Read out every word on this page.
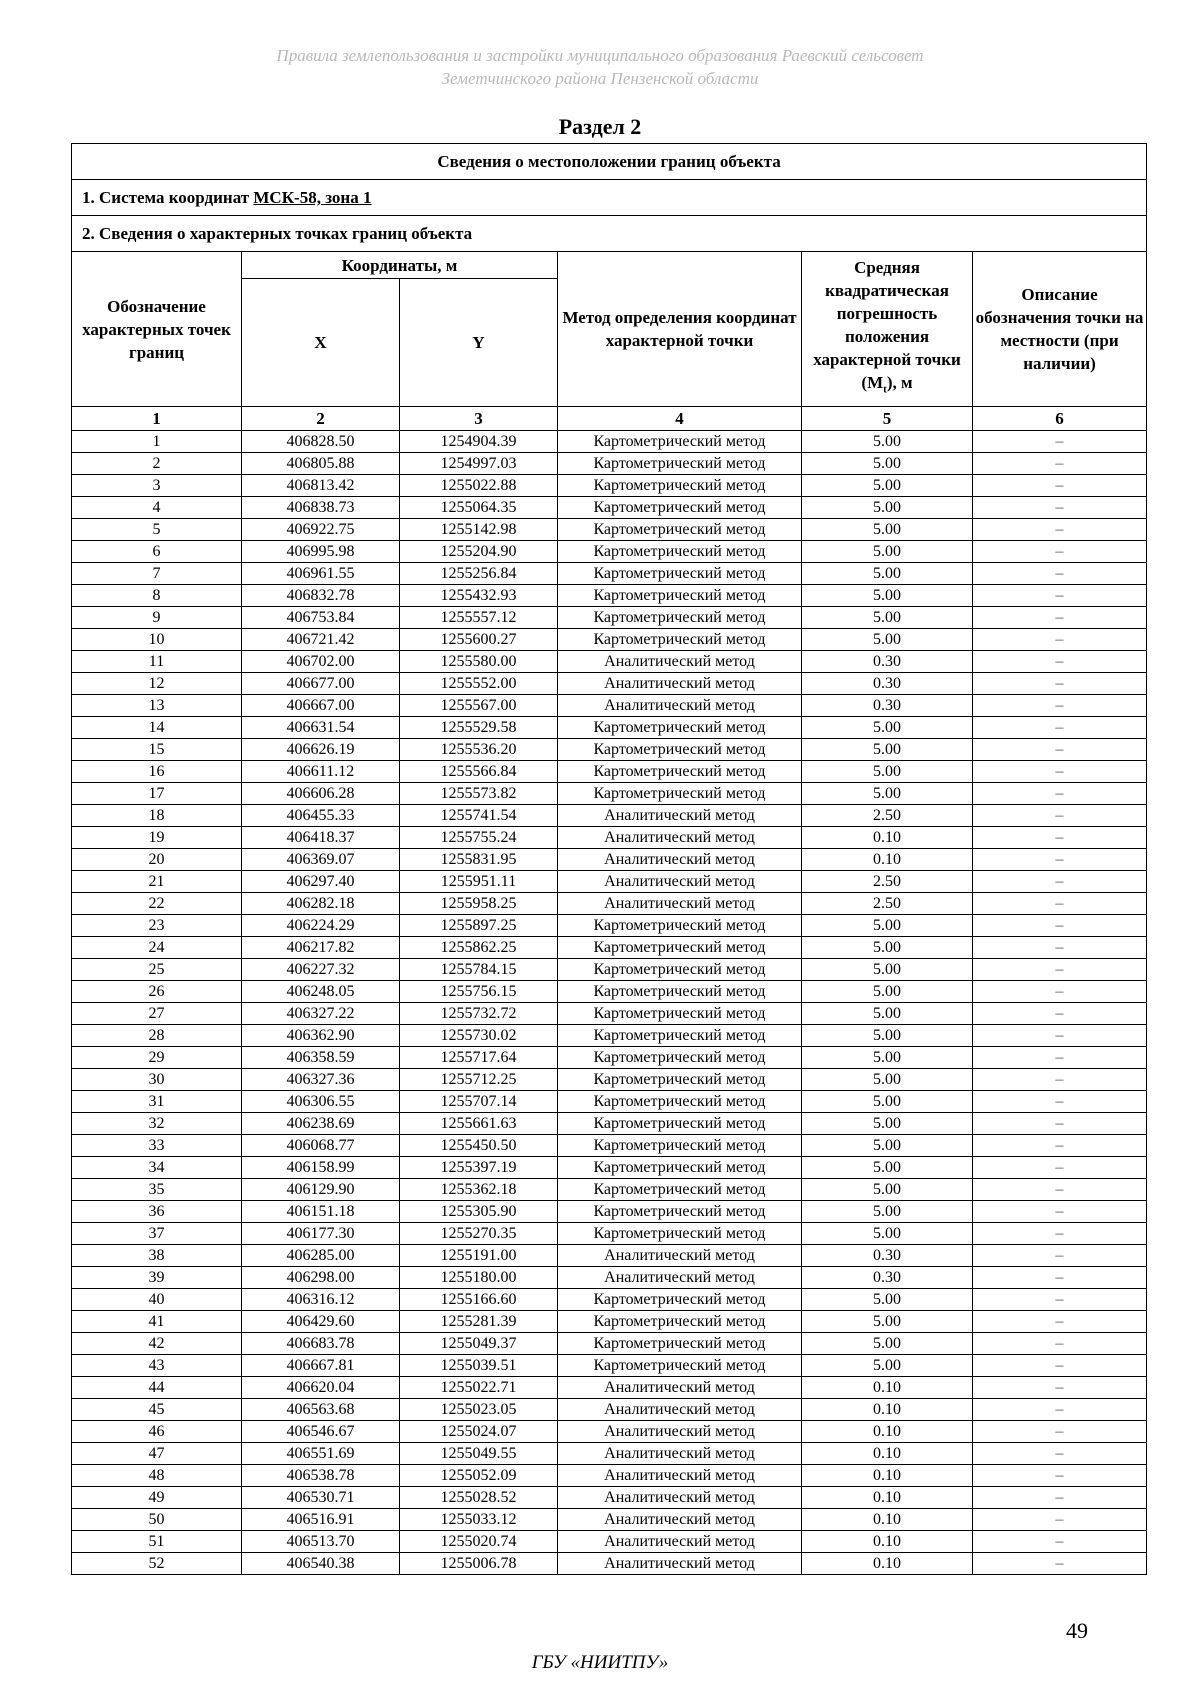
Правила землепользования и застройки муниципального образования Раевский сельсовет
Земетчинского района Пензенской области
Раздел 2
Сведения о местоположении границ объекта					
1. Система координат МСК-58, зона 1					
2. Сведения о характерных точках границ объекта					
Обозначение характерных точек границ	Координаты, м		Метод определения координат характерной точки	Средняя квадратическая погрешность положения характерной точки $(M_t)$, м	Описание обозначения точки на местности (при наличии)
	X	Y			
1	2	3	4	5	6
1	406828.50	1254904.39	Картометрический метод	5.00	–
2	406805.88	1254997.03	Картометрический метод	5.00	–
3	406813.42	1255022.88	Картометрический метод	5.00	–
4	406838.73	1255064.35	Картометрический метод	5.00	–
5	406922.75	1255142.98	Картометрический метод	5.00	–
6	406995.98	1255204.90	Картометрический метод	5.00	–
7	406961.55	1255256.84	Картометрический метод	5.00	–
8	406832.78	1255432.93	Картометрический метод	5.00	–
9	406753.84	1255557.12	Картометрический метод	5.00	–
10	406721.42	1255600.27	Картометрический метод	5.00	–
11	406702.00	1255580.00	Аналитический метод	0.30	–
12	406677.00	1255552.00	Аналитический метод	0.30	–
13	406667.00	1255567.00	Аналитический метод	0.30	–
14	406631.54	1255529.58	Картометрический метод	5.00	–
15	406626.19	1255536.20	Картометрический метод	5.00	–
16	406611.12	1255566.84	Картометрический метод	5.00	–
17	406606.28	1255573.82	Картометрический метод	5.00	–
18	406455.33	1255741.54	Аналитический метод	2.50	–
19	406418.37	1255755.24	Аналитический метод	0.10	–
20	406369.07	1255831.95	Аналитический метод	0.10	–
21	406297.40	1255951.11	Аналитический метод	2.50	–
22	406282.18	1255958.25	Аналитический метод	2.50	–
23	406224.29	1255897.25	Картометрический метод	5.00	–
24	406217.82	1255862.25	Картометрический метод	5.00	–
25	406227.32	1255784.15	Картометрический метод	5.00	–
26	406248.05	1255756.15	Картометрический метод	5.00	–
27	406327.22	1255732.72	Картометрический метод	5.00	–
28	406362.90	1255730.02	Картометрический метод	5.00	–
29	406358.59	1255717.64	Картометрический метод	5.00	–
30	406327.36	1255712.25	Картометрический метод	5.00	–
31	406306.55	1255707.14	Картометрический метод	5.00	–
32	406238.69	1255661.63	Картометрический метод	5.00	–
33	406068.77	1255450.50	Картометрический метод	5.00	–
34	406158.99	1255397.19	Картометрический метод	5.00	–
35	406129.90	1255362.18	Картометрический метод	5.00	–
36	406151.18	1255305.90	Картометрический метод	5.00	–
37	406177.30	1255270.35	Картометрический метод	5.00	–
38	406285.00	1255191.00	Аналитический метод	0.30	–
39	406298.00	1255180.00	Аналитический метод	0.30	–
40	406316.12	1255166.60	Картометрический метод	5.00	–
41	406429.60	1255281.39	Картометрический метод	5.00	–
42	406683.78	1255049.37	Картометрический метод	5.00	–
43	406667.81	1255039.51	Картометрический метод	5.00	–
44	406620.04	1255022.71	Аналитический метод	0.10	–
45	406563.68	1255023.05	Аналитический метод	0.10	–
46	406546.67	1255024.07	Аналитический метод	0.10	–
47	406551.69	1255049.55	Аналитический метод	0.10	–
48	406538.78	1255052.09	Аналитический метод	0.10	–
49	406530.71	1255028.52	Аналитический метод	0.10	–
50	406516.91	1255033.12	Аналитический метод	0.10	–
51	406513.70	1255020.74	Аналитический метод	0.10	–
52	406540.38	1255006.78	Аналитический метод	0.10	–
49
ГБУ «НИИТПУ»
